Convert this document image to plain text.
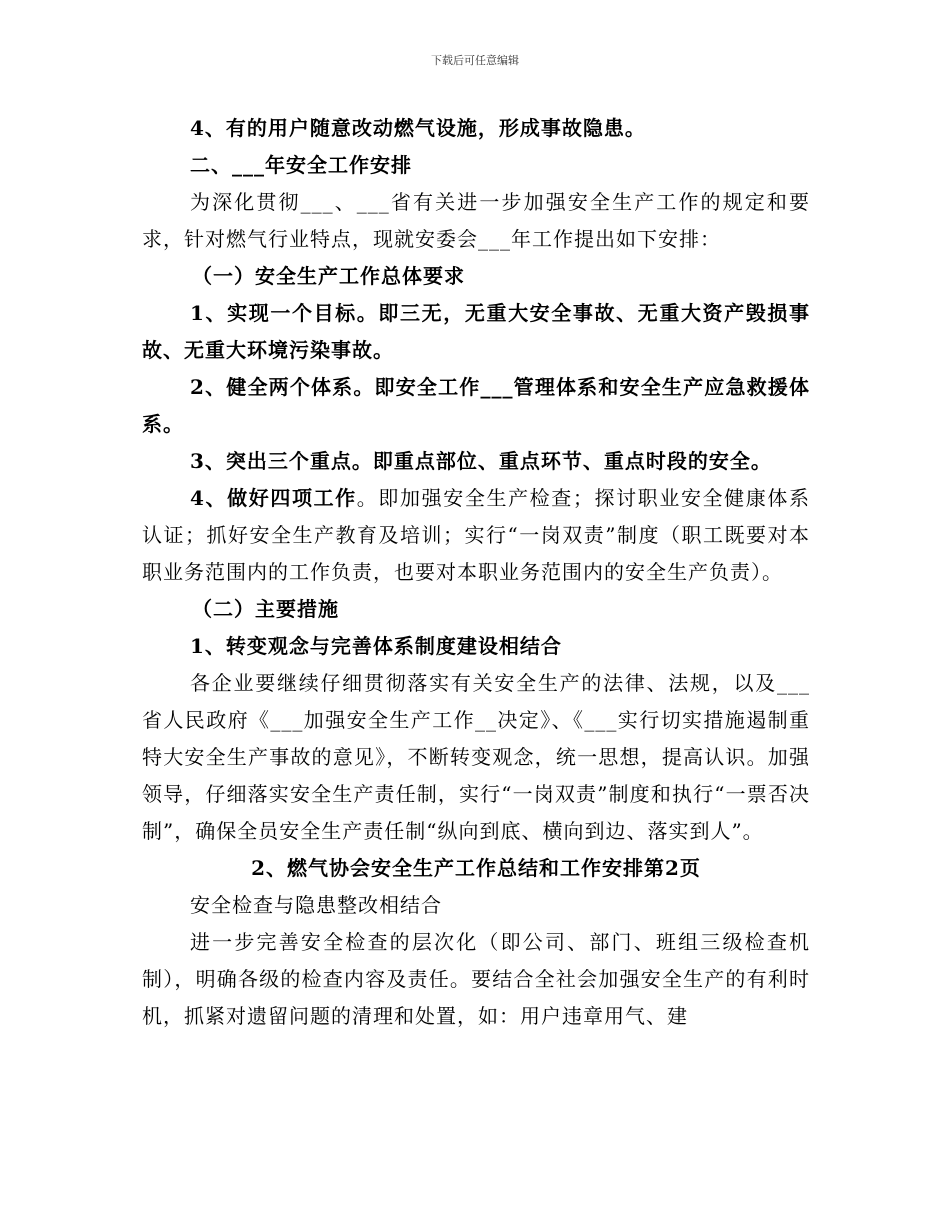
下载后可任意编辑

4、有的用户随意改动燃气设施，形成事故隐患。

二、___年安全工作安排

为深化贯彻___、___省有关进一步加强安全生产工作的规定和要求，针对燃气行业特点，现就安委会___年工作提出如下安排：

（一）安全生产工作总体要求

1、实现一个目标。即三无，无重大安全事故、无重大资产毁损事故、无重大环境污染事故。

2、健全两个体系。即安全工作___管理体系和安全生产应急救援体系。

3、突出三个重点。即重点部位、重点环节、重点时段的安全。

4、做好四项工作。即加强安全生产检查；探讨职业安全健康体系认证；抓好安全生产教育及培训；实行“一岗双责”制度（职工既要对本职业务范围内的工作负责，也要对本职业务范围内的安全生产负责）。

（二）主要措施

1、转变观念与完善体系制度建设相结合

各企业要继续仔细贯彻落实有关安全生产的法律、法规，以及___省人民政府《___加强安全生产工作__决定》、《___实行切实措施遏制重特大安全生产事故的意见》，不断转变观念，统一思想，提高认识。加强领导，仔细落实安全生产责任制，实行“一岗双责”制度和执行“一票否决制”，确保全员安全生产责任制“纵向到底、横向到边、落实到人”。

2、燃气协会安全生产工作总结和工作安排第2页

安全检查与隐患整改相结合

进一步完善安全检查的层次化（即公司、部门、班组三级检查机制），明确各级的检查内容及责任。要结合全社会加强安全生产的有利时机，抓紧对遗留问题的清理和处置，如：用户违章用气、建
